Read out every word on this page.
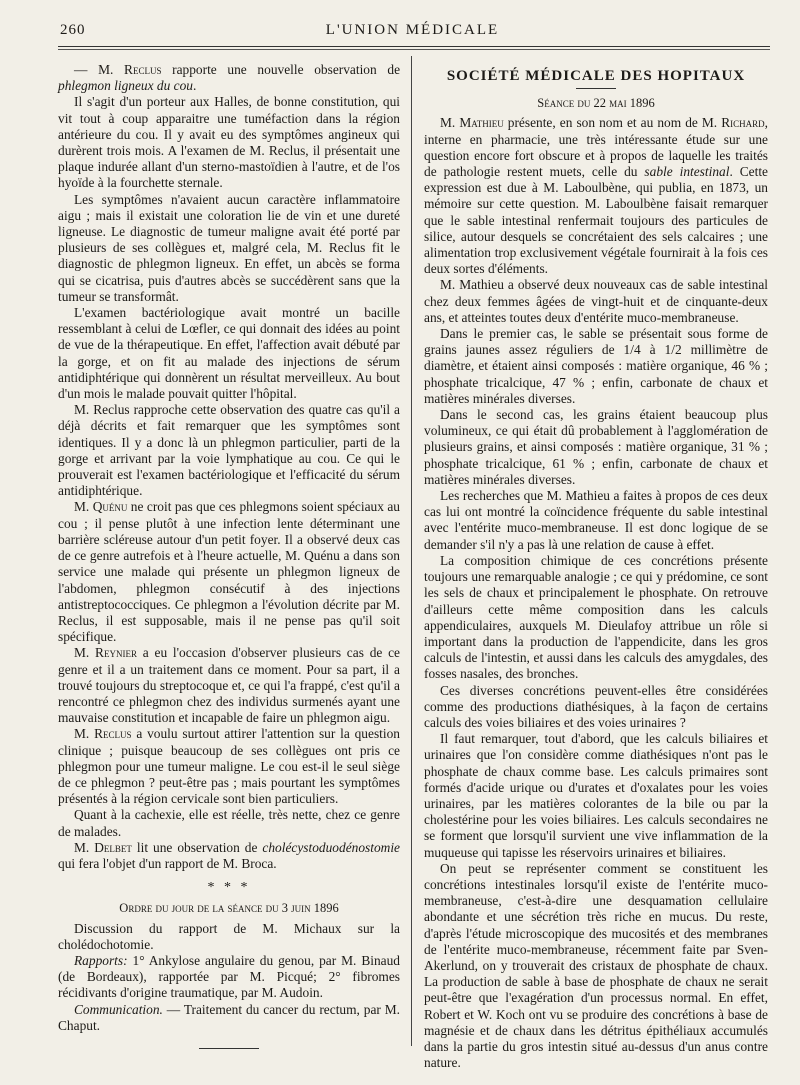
260	L'UNION MÉDICALE

— M. Reclus rapporte une nouvelle observation de phlegmon ligneux du cou.

Il s'agit d'un porteur aux Halles, de bonne constitution, qui vit tout à coup apparaitre une tuméfaction dans la région antérieure du cou. Il y avait eu des symptômes angineux qui durèrent trois mois. A l'examen de M. Reclus, il présentait une plaque indurée allant d'un sterno-mastoïdien à l'autre, et de l'os hyoïde à la fourchette sternale.

Les symptômes n'avaient aucun caractère inflammatoire aigu ; mais il existait une coloration lie de vin et une dureté ligneuse. Le diagnostic de tumeur maligne avait été porté par plusieurs de ses collègues et, malgré cela, M. Reclus fit le diagnostic de phlegmon ligneux. En effet, un abcès se forma qui se cicatrisa, puis d'autres abcès se succédèrent sans que la tumeur se transformât.

L'examen bactériologique avait montré un bacille ressemblant à celui de Lœfler, ce qui donnait des idées au point de vue de la thérapeutique. En effet, l'affection avait débuté par la gorge, et on fit au malade des injections de sérum antidiphtérique qui donnèrent un résultat merveilleux. Au bout d'un mois le malade pouvait quitter l'hôpital.

M. Reclus rapproche cette observation des quatre cas qu'il a déjà décrits et fait remarquer que les symptômes sont identiques. Il y a donc là un phlegmon particulier, parti de la gorge et arrivant par la voie lymphatique au cou. Ce qui le prouverait est l'examen bactériologique et l'efficacité du sérum antidiphtérique.

M. Quénu ne croit pas que ces phlegmons soient spéciaux au cou ; il pense plutôt à une infection lente déterminant une barrière scléreuse autour d'un petit foyer. Il a observé deux cas de ce genre autrefois et à l'heure actuelle, M. Quénu a dans son service une malade qui présente un phlegmon ligneux de l'abdomen, phlegmon consécutif à des injections antistreptococciques. Ce phlegmon a l'évolution décrite par M. Reclus, il est supposable, mais il ne pense pas qu'il soit spécifique.

M. Reynier a eu l'occasion d'observer plusieurs cas de ce genre et il a un traitement dans ce moment. Pour sa part, il a trouvé toujours du streptocoque et, ce qui l'a frappé, c'est qu'il a rencontré ce phlegmon chez des individus surmenés ayant une mauvaise constitution et incapable de faire un phlegmon aigu.

M. Reclus a voulu surtout attirer l'attention sur la question clinique ; puisque beaucoup de ses collègues ont pris ce phlegmon pour une tumeur maligne. Le cou est-il le seul siège de ce phlegmon ? peut-être pas ; mais pourtant les symptômes présentés à la région cervicale sont bien particuliers.

Quant à la cachexie, elle est réelle, très nette, chez ce genre de malades.

M. Delbet lit une observation de cholécystoduodénostomie qui fera l'objet d'un rapport de M. Broca.

* * *
Ordre du jour de la séance du 3 juin 1896

Discussion du rapport de M. Michaux sur la cholédochotomie.

Rapports: 1° Ankylose angulaire du genou, par M. Binaud (de Bordeaux), rapportée par M. Picqué; 2° fibromes récidivants d'origine traumatique, par M. Audoin.

Communication. — Traitement du cancer du rectum, par M. Chaput.

SOCIÉTÉ MÉDICALE DES HOPITAUX
Séance du 22 mai 1896

M. Mathieu présente, en son nom et au nom de M. Richard, interne en pharmacie, une très intéressante étude sur une question encore fort obscure et à propos de laquelle les traités de pathologie restent muets, celle du sable intestinal. Cette expression est due à M. Laboulbène, qui publia, en 1873, un mémoire sur cette question. M. Laboulbène faisait remarquer que le sable intestinal renfermait toujours des particules de silice, autour desquels se concrétaient des sels calcaires ; une alimentation trop exclusivement végétale fournirait à la fois ces deux sortes d'éléments.

M. Mathieu a observé deux nouveaux cas de sable intestinal chez deux femmes âgées de vingt-huit et de cinquante-deux ans, et atteintes toutes deux d'entérite muco-membraneuse.

Dans le premier cas, le sable se présentait sous forme de grains jaunes assez réguliers de 1/4 à 1/2 millimètre de diamètre, et étaient ainsi composés : matière organique, 46 % ; phosphate tricalcique, 47 % ; enfin, carbonate de chaux et matières minérales diverses.

Dans le second cas, les grains étaient beaucoup plus volumineux, ce qui était dû probablement à l'agglomération de plusieurs grains, et ainsi composés : matière organique, 31 % ; phosphate tricalcique, 61 % ; enfin, carbonate de chaux et matières minérales diverses.

Les recherches que M. Mathieu a faites à propos de ces deux cas lui ont montré la coïncidence fréquente du sable intestinal avec l'entérite muco-membraneuse. Il est donc logique de se demander s'il n'y a pas là une relation de cause à effet.

La composition chimique de ces concrétions présente toujours une remarquable analogie ; ce qui y prédomine, ce sont les sels de chaux et principalement le phosphate. On retrouve d'ailleurs cette même composition dans les calculs appendiculaires, auxquels M. Dieulafoy attribue un rôle si important dans la production de l'appendicite, dans les gros calculs de l'intestin, et aussi dans les calculs des amygdales, des fosses nasales, des bronches.

Ces diverses concrétions peuvent-elles être considérées comme des productions diathésiques, à la façon de certains calculs des voies biliaires et des voies urinaires ?

Il faut remarquer, tout d'abord, que les calculs biliaires et urinaires que l'on considère comme diathésiques n'ont pas le phosphate de chaux comme base. Les calculs primaires sont formés d'acide urique ou d'urates et d'oxalates pour les voies urinaires, par les matières colorantes de la bile ou par la cholestérine pour les voies biliaires. Les calculs secondaires ne se forment que lorsqu'il survient une vive inflammation de la muqueuse qui tapisse les réservoirs urinaires et biliaires.

On peut se représenter comment se constituent les concrétions intestinales lorsqu'il existe de l'entérite muco-membraneuse, c'est-à-dire une desquamation cellulaire abondante et une sécrétion très riche en mucus. Du reste, d'après l'étude microscopique des mucosités et des membranes de l'entérite muco-membraneuse, récemment faite par Sven-Akerlund, on y trouverait des cristaux de phosphate de chaux. La production de sable à base de phosphate de chaux ne serait peut-être que l'exagération d'un processus normal. En effet, Robert et W. Koch ont vu se produire des concrétions à base de magnésie et de chaux dans les détritus épithéliaux accumulés dans la partie du gros intestin situé au-dessus d'un anus contre nature.
